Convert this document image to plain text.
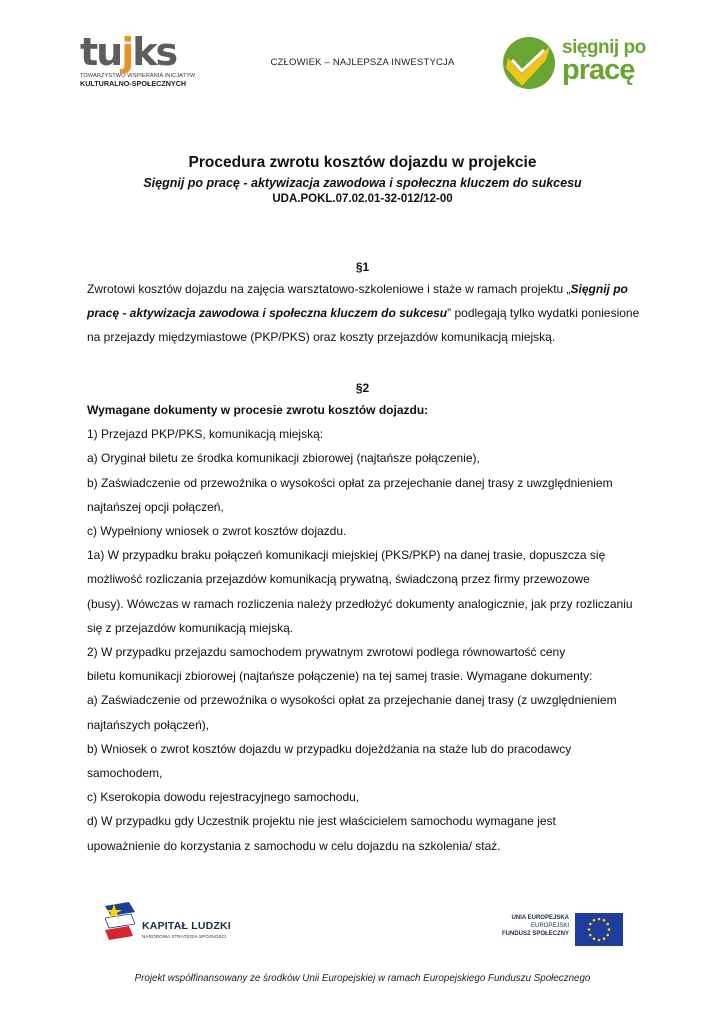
tujks
TOWARZYSTWO WSPIERANIA INICJATYW
KULTURALNO-SPOŁECZNYCH
CZŁOWIEK – NAJLEPSZA INWESTYCJA
sięgnij po
pracę
Procedura zwrotu kosztów dojazdu w projekcie
Sięgnij po pracę - aktywizacja zawodowa i społeczna kluczem do sukcesu
UDA.POKL.07.02.01-32-012/12-00
§1
Zwrotowi kosztów dojazdu na zajęcia warsztatowo-szkoleniowe i staże w ramach projektu „Sięgnij po
pracę - aktywizacja zawodowa i społeczna kluczem do sukcesu” podlegają tylko wydatki poniesione
na przejazdy międzymiastowe (PKP/PKS) oraz koszty przejazdów komunikacją miejską.
§2
Wymagane dokumenty w procesie zwrotu kosztów dojazdu:
1) Przejazd PKP/PKS, komunikacją miejską:
a) Oryginał biletu ze środka komunikacji zbiorowej (najtańsze połączenie),
b) Zaświadczenie od przewoźnika o wysokości opłat za przejechanie danej trasy z uwzględnieniem
najtańszej opcji połączeń,
c) Wypełniony wniosek o zwrot kosztów dojazdu.
1a) W przypadku braku połączeń komunikacji miejskiej (PKS/PKP) na danej trasie, dopuszcza się
możliwość rozliczania przejazdów komunikacją prywatną, świadczoną przez firmy przewozowe
(busy). Wówczas w ramach rozliczenia należy przedłożyć dokumenty analogicznie, jak przy rozliczaniu
się z przejazdów komunikacją miejską.
2) W przypadku przejazdu samochodem prywatnym zwrotowi podlega równowartość ceny
biletu komunikacji zbiorowej (najtańsze połączenie) na tej samej trasie. Wymagane dokumenty:
a) Zaświadczenie od przewoźnika o wysokości opłat za przejechanie danej trasy (z uwzględnieniem
najtańszych połączeń),
b) Wniosek o zwrot kosztów dojazdu w przypadku dojeżdżania na staże lub do pracodawcy
samochodem,
c) Kserokopia dowodu rejestracyjnego samochodu,
d) W przypadku gdy Uczestnik projektu nie jest właścicielem samochodu wymagane jest
upoważnienie do korzystania z samochodu w celu dojazdu na szkolenia/ staż.
KAPITAŁ LUDZKI
NARODOWA STRATEGIA SPÓJNOŚCI
UNIA EUROPEJSKA
EUROPEJSKI
FUNDUSZ SPOŁECZNY
Projekt współfinansowany ze środków Unii Europejskiej w ramach Europejskiego Funduszu Społecznego
